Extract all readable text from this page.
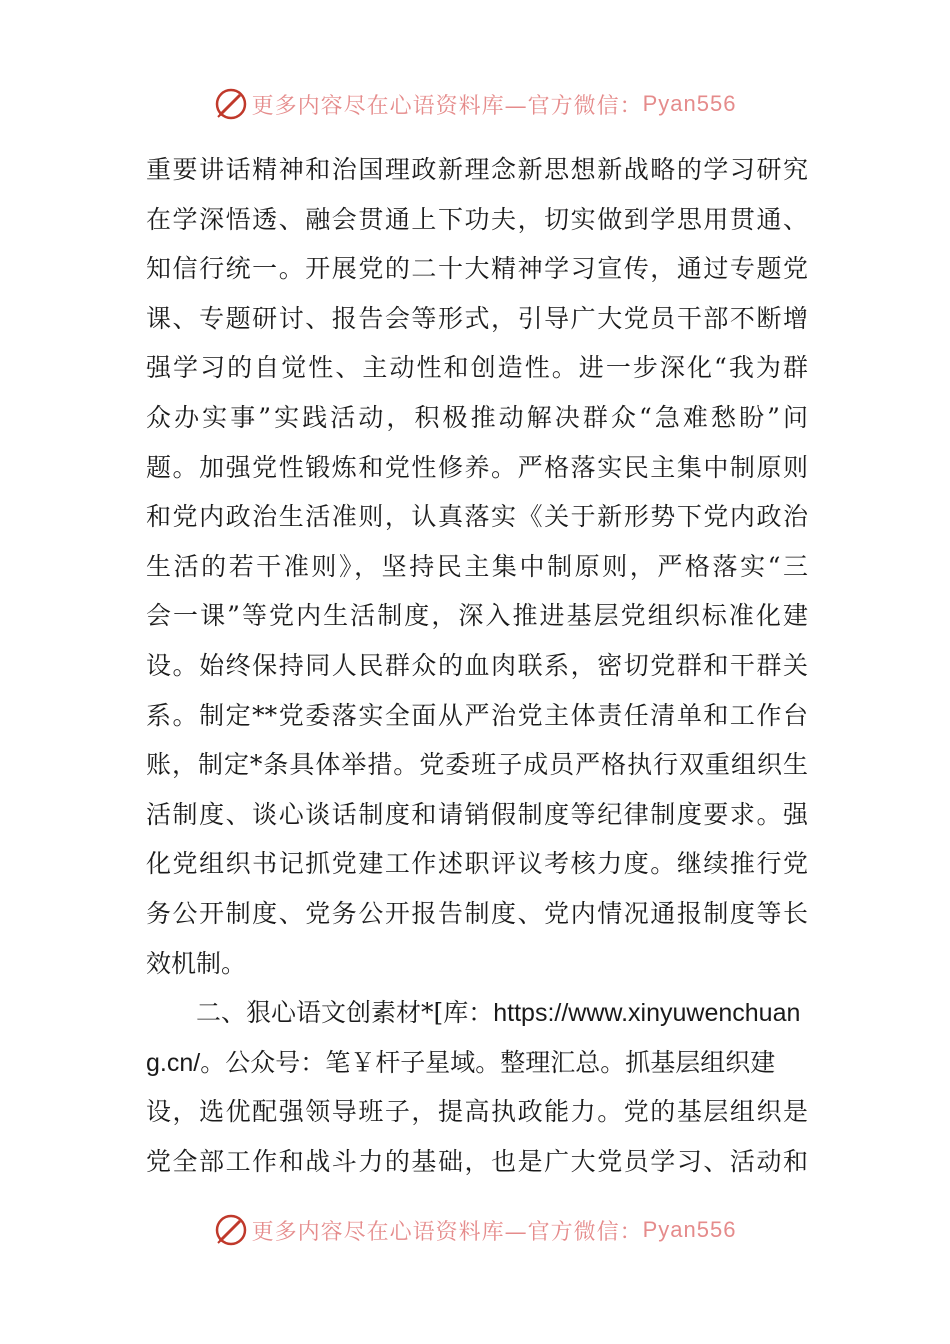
更多内容尽在心语资料库—官方微信： Pyan556
重要讲话精神和治国理政新理念新思想新战略的学习研究
在学深悟透、融会贯通上下功夫，切实做到学思用贯通、
知信行统一。开展党的二十大精神学习宣传，通过专题党
课、专题研讨、报告会等形式，引导广大党员干部不断增
强学习的自觉性、主动性和创造性。进一步深化“我为群
众办实事”实践活动，积极推动解决群众“急难愁盼”问
题。加强党性锻炼和党性修养。严格落实民主集中制原则
和党内政治生活准则，认真落实《关于新形势下党内政治
生活的若干准则》，坚持民主集中制原则，严格落实“三
会一课”等党内生活制度，深入推进基层党组织标准化建
设。始终保持同人民群众的血肉联系，密切党群和干群关
系。制定**党委落实全面从严治党主体责任清单和工作台
账，制定*条具体举措。党委班子成员严格执行双重组织生
活制度、谈心谈话制度和请销假制度等纪律制度要求。强
化党组织书记抓党建工作述职评议考核力度。继续推行党
务公开制度、党务公开报告制度、党内情况通报制度等长
效机制。
二、狠心语文创素材*[库：https://www.xinyuwenchuan
g.cn/。公众号：笔￥杆子星域。整理汇总。抓基层组织建
设，选优配强领导班子，提高执政能力。党的基层组织是
党全部工作和战斗力的基础，也是广大党员学习、活动和
更多内容尽在心语资料库—官方微信： Pyan556
